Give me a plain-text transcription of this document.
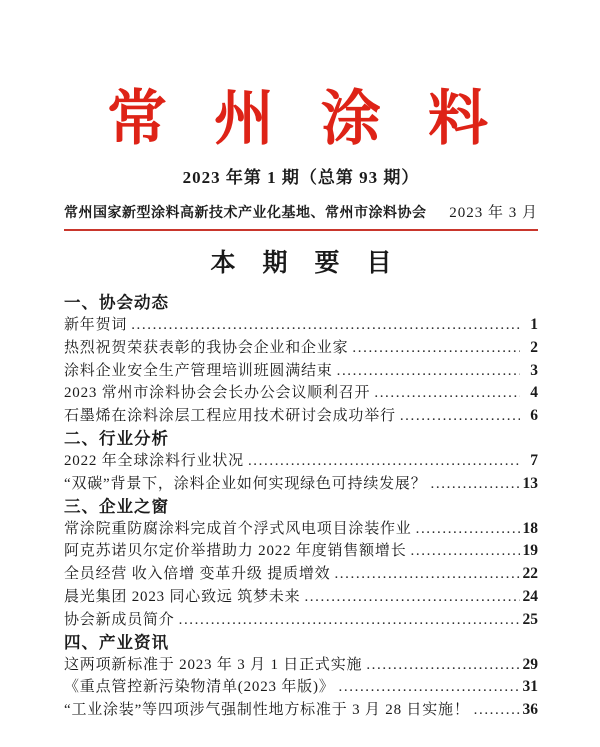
常州涂料
2023 年第 1 期（总第 93 期）
常州国家新型涂料高新技术产业化基地、常州市涂料协会 2023 年 3 月
本期要目
一、协会动态
新年贺词 .....	1
热烈祝贺荣获表彰的我协会企业和企业家 .....	2
涂料企业安全生产管理培训班圆满结束 .....	3
2023 常州市涂料协会会长办公会议顺利召开 .....	4
石墨烯在涂料涂层工程应用技术研讨会成功举行 .....	6
二、行业分析
2022 年全球涂料行业状况 .....	7
“双碳”背景下，涂料企业如何实现绿色可持续发展？ .....	13
三、企业之窗
常涂院重防腐涂料完成首个浮式风电项目涂装作业 .....	18
阿克苏诺贝尔定价举措助力 2022 年度销售额增长 .....	19
全员经营 收入倍增 变革升级 提质增效 .....	22
晨光集团 2023 同心致远 筑梦未来 .....	24
协会新成员简介 .....	25
四、产业资讯
这两项新标准于 2023 年 3 月 1 日正式实施 .....	29
《重点管控新污染物清单(2023 年版)》 .....	31
“工业涂装”等四项涉气强制性地方标准于 3 月 28 日实施！ .....	36
